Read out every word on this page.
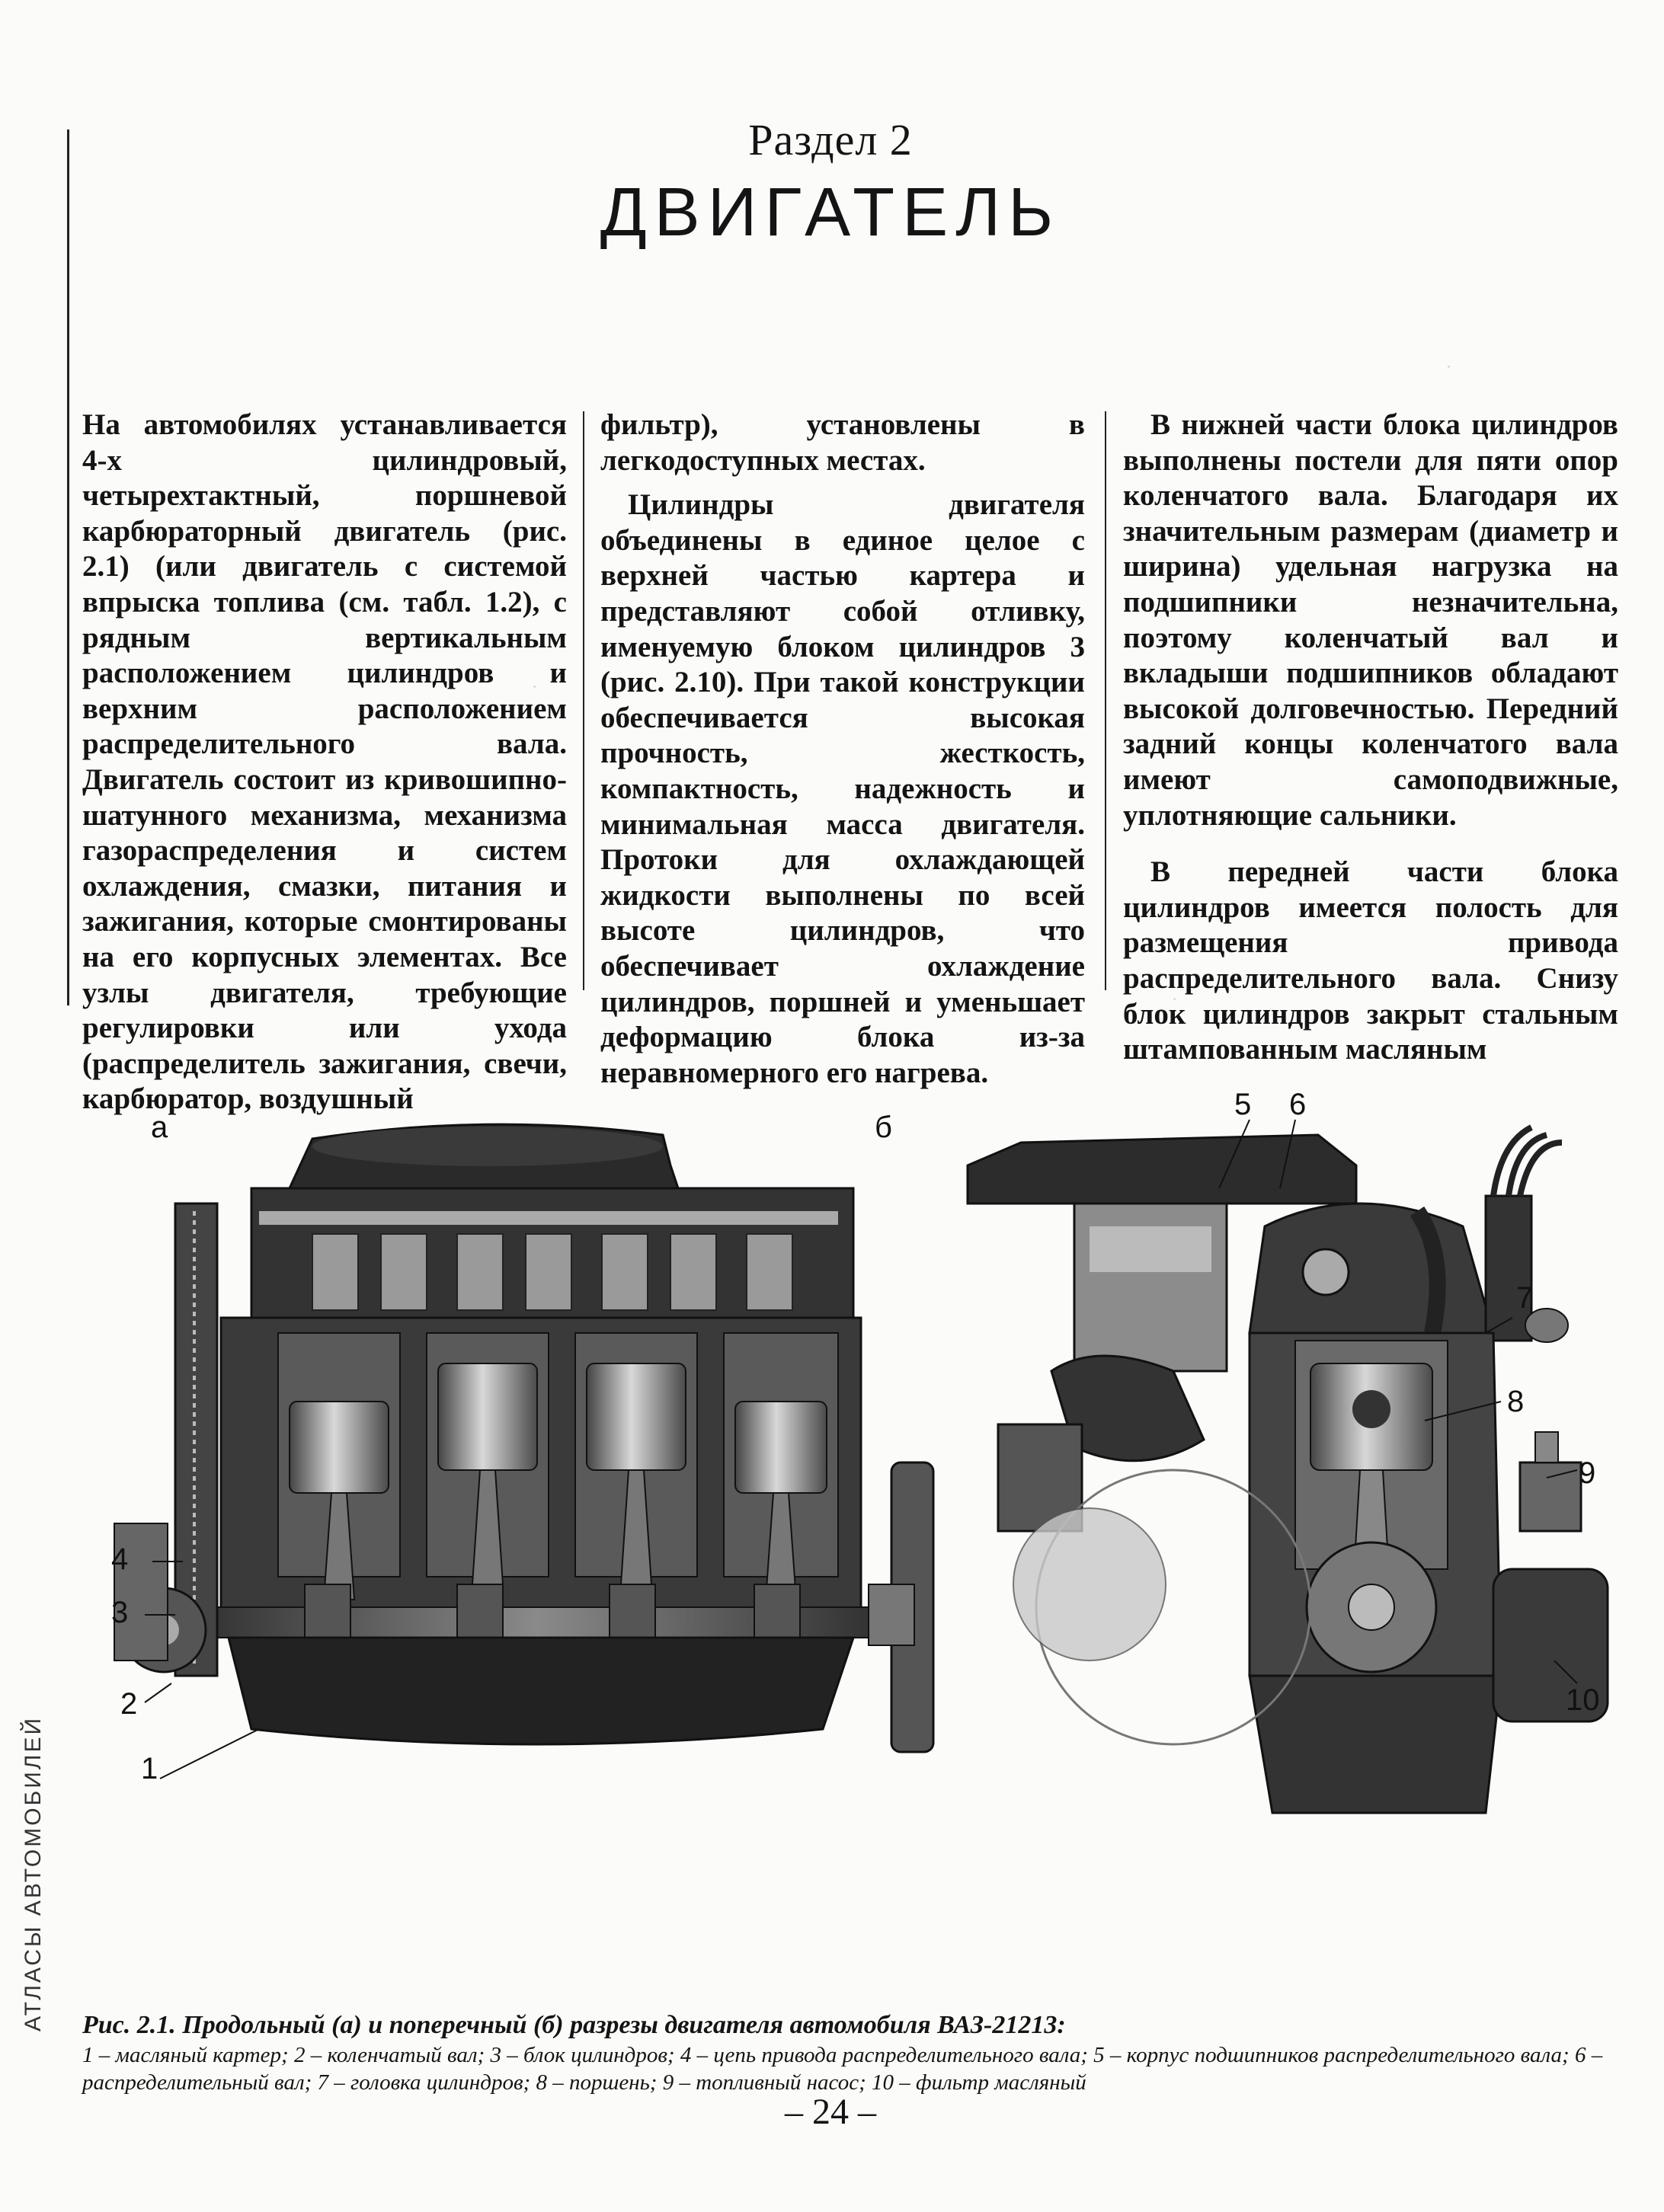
Раздел 2
ДВИГАТЕЛЬ

На автомобилях устанавливается 4-х цилиндровый, четырехтактный, поршневой карбюраторный двигатель (рис. 2.1) (или двигатель с системой впрыска топлива (см. табл. 1.2), с рядным вертикальным расположением цилиндров и верхним расположением распределительного вала. Двигатель состоит из кривошипно-шатунного механизма, механизма газораспределения и систем охлаждения, смазки, питания и зажигания, которые смонтированы на его корпусных элементах. Все узлы двигателя, требующие регулировки или ухода (распределитель зажигания, свечи, карбюратор, воздушный

фильтр), установлены в легкодоступных местах.

Цилиндры двигателя объединены в единое целое с верхней частью картера и представляют собой отливку, именуемую блоком цилиндров 3 (рис. 2.10). При такой конструкции обеспечивается высокая прочность, жесткость, компактность, надежность и минимальная масса двигателя. Протоки для охлаждающей жидкости выполнены по всей высоте цилиндров, что обеспечивает охлаждение цилиндров, поршней и уменьшает деформацию блока из-за неравномерного его нагрева.

В нижней части блока цилиндров выполнены постели для пяти опор коленчатого вала. Благодаря их значительным размерам (диаметр и ширина) удельная нагрузка на подшипники незначительна, поэтому коленчатый вал и вкладыши подшипников обладают высокой долговечностью. Передний задний концы коленчатого вала имеют самоподвижные, уплотняющие сальники.

В передней части блока цилиндров имеется полость для размещения привода распределительного вала. Снизу блок цилиндров закрыт стальным штампованным масляным

а	б
1
2
3
4
5 6
7
8
9
10
Рис. 2.1. Продольный (а) и поперечный (б) разрезы двигателя автомобиля ВАЗ-21213:
1 – масляный картер; 2 – коленчатый вал; 3 – блок цилиндров; 4 – цепь привода распределительного вала; 5 – корпус подшипников распределительного вала; 6 – распределительный вал; 7 – головка цилиндров; 8 – поршень; 9 – топливный насос; 10 – фильтр масляный
– 24 –
АТЛАСЫ АВТОМОБИЛЕЙ
